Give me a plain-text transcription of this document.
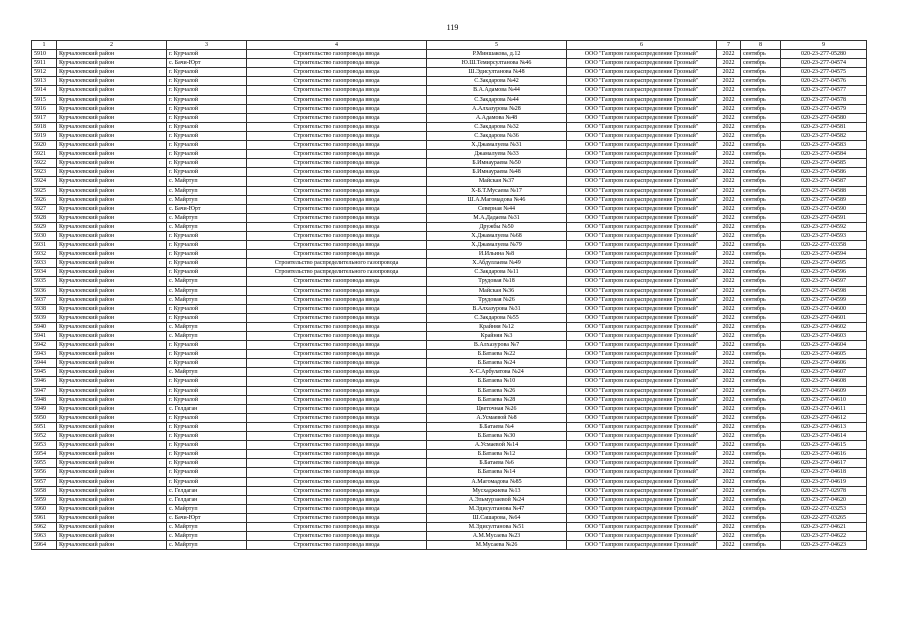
119
1	2	3	4	5	6	7	8	9
5910	Курчалоевский район	г. Курчалой	Строительство газопровода ввода	Р.Миншакова, д.12	ООО "Газпром газораспределение Грозный"	2022	сентябрь	020-23-277-05280
5911	Курчалоевский район	с. Бачи-Юрт	Строительство газопровода ввода	Ю.Ш.Темирсултанова №46	ООО "Газпром газораспределение Грозный"	2022	сентябрь	020-23-277-04574
5912	Курчалоевский район	г. Курчалой	Строительство газопровода ввода	Ш.Эдисултанова №48	ООО "Газпром газораспределение Грозный"	2022	сентябрь	020-23-277-04575
5913	Курчалоевский район	г. Курчалой	Строительство газопровода ввода	С.Закдарова №42	ООО "Газпром газораспределение Грозный"	2022	сентябрь	020-23-277-04576
5914	Курчалоевский район	г. Курчалой	Строительство газопровода ввода	В.А.Адамова №44	ООО "Газпром газораспределение Грозный"	2022	сентябрь	020-23-277-04577
5915	Курчалоевский район	г. Курчалой	Строительство газопровода ввода	С.Закдарова №44	ООО "Газпром газораспределение Грозный"	2022	сентябрь	020-23-277-04578
5916	Курчалоевский район	г. Курчалой	Строительство газопровода ввода	А.Алхазурова №28	ООО "Газпром газораспределение Грозный"	2022	сентябрь	020-23-277-04579
5917	Курчалоевский район	г. Курчалой	Строительство газопровода ввода	А.Адамова №48	ООО "Газпром газораспределение Грозный"	2022	сентябрь	020-23-277-04580
5918	Курчалоевский район	г. Курчалой	Строительство газопровода ввода	С.Закдарова №32	ООО "Газпром газораспределение Грозный"	2022	сентябрь	020-23-277-04581
5919	Курчалоевский район	г. Курчалой	Строительство газопровода ввода	С.Закдарова №36	ООО "Газпром газораспределение Грозный"	2022	сентябрь	020-23-277-04582
5920	Курчалоевский район	г. Курчалой	Строительство газопровода ввода	Х.Джамалуева №31	ООО "Газпром газораспределение Грозный"	2022	сентябрь	020-23-277-04583
5921	Курчалоевский район	г. Курчалой	Строительство газопровода ввода	Джамалуева №33	ООО "Газпром газораспределение Грозный"	2022	сентябрь	020-23-277-04584
5922	Курчалоевский район	г. Курчалой	Строительство газопровода ввода	Б.Имнаураева №50	ООО "Газпром газораспределение Грозный"	2022	сентябрь	020-23-277-04585
5923	Курчалоевский район	г. Курчалой	Строительство газопровода ввода	Б.Имнаураева №48	ООО "Газпром газораспределение Грозный"	2022	сентябрь	020-23-277-04586
5924	Курчалоевский район	с. Майртуп	Строительство газопровода ввода	Майская №37	ООО "Газпром газораспределение Грозный"	2022	сентябрь	020-23-277-04587
5925	Курчалоевский район	с. Майртуп	Строительство газопровода ввода	Х-Б.Т.Мусаева №17	ООО "Газпром газораспределение Грозный"	2022	сентябрь	020-23-277-04588
5926	Курчалоевский район	с. Майртуп	Строительство газопровода ввода	Ш.А.Магомадова №46	ООО "Газпром газораспределение Грозный"	2022	сентябрь	020-23-277-04589
5927	Курчалоевский район	с. Бачи-Юрт	Строительство газопровода ввода	Северная №44	ООО "Газпром газораспределение Грозный"	2022	сентябрь	020-23-277-04590
5928	Курчалоевский район	с. Майртуп	Строительство газопровода ввода	М.А.Дадаева №31	ООО "Газпром газораспределение Грозный"	2022	сентябрь	020-23-277-04591
5929	Курчалоевский район	с. Майртуп	Строительство газопровода ввода	Дружбы №50	ООО "Газпром газораспределение Грозный"	2022	сентябрь	020-23-277-04592
5930	Курчалоевский район	г. Курчалой	Строительство газопровода ввода	Х.Джамалуева №68	ООО "Газпром газораспределение Грозный"	2022	сентябрь	020-23-277-04593
5931	Курчалоевский район	г. Курчалой	Строительство газопровода ввода	Х.Джамалуева №79	ООО "Газпром газораспределение Грозный"	2022	сентябрь	020-22-277-03358
5932	Курчалоевский район	г. Курчалой	Строительство газопровода ввода	И.Ильина №8	ООО "Газпром газораспределение Грозный"	2022	сентябрь	020-23-277-04594
5933	Курчалоевский район	г. Курчалой	Строительство распределительного газопровода	Х.Абдуллаева №49	ООО "Газпром газораспределение Грозный"	2022	сентябрь	020-23-277-04595
5934	Курчалоевский район	г. Курчалой	Строительство распределительного газопровода	С.Закдарова №11	ООО "Газпром газораспределение Грозный"	2022	сентябрь	020-23-277-04596
5935	Курчалоевский район	с. Майртуп	Строительство газопровода ввода	Трудовая №18	ООО "Газпром газораспределение Грозный"	2022	сентябрь	020-23-277-04597
5936	Курчалоевский район	с. Майртуп	Строительство газопровода ввода	Майская №36	ООО "Газпром газораспределение Грозный"	2022	сентябрь	020-23-277-04598
5937	Курчалоевский район	с. Майртуп	Строительство газопровода ввода	Трудовая №26	ООО "Газпром газораспределение Грозный"	2022	сентябрь	020-23-277-04599
5938	Курчалоевский район	г. Курчалой	Строительство газопровода ввода	В.Алхазурова №31	ООО "Газпром газораспределение Грозный"	2022	сентябрь	020-23-277-04600
5939	Курчалоевский район	г. Курчалой	Строительство газопровода ввода	С.Закдарова №55	ООО "Газпром газораспределение Грозный"	2022	сентябрь	020-23-277-04601
5940	Курчалоевский район	с. Майртуп	Строительство газопровода ввода	Крайняя №12	ООО "Газпром газораспределение Грозный"	2022	сентябрь	020-23-277-04602
5941	Курчалоевский район	с. Майртуп	Строительство газопровода ввода	Крайняя №3	ООО "Газпром газораспределение Грозный"	2022	сентябрь	020-23-277-04603
5942	Курчалоевский район	г. Курчалой	Строительство газопровода ввода	В.Алхазурова №7	ООО "Газпром газораспределение Грозный"	2022	сентябрь	020-23-277-04604
5943	Курчалоевский район	г. Курчалой	Строительство газопровода ввода	Б.Батаева №22	ООО "Газпром газораспределение Грозный"	2022	сентябрь	020-23-277-04605
5944	Курчалоевский район	г. Курчалой	Строительство газопровода ввода	Б.Батаева №24	ООО "Газпром газораспределение Грозный"	2022	сентябрь	020-23-277-04606
5945	Курчалоевский район	с. Майртуп	Строительство газопровода ввода	Х-С.Арбулатова №24	ООО "Газпром газораспределение Грозный"	2022	сентябрь	020-23-277-04607
5946	Курчалоевский район	г. Курчалой	Строительство газопровода ввода	Б.Батаева №10	ООО "Газпром газораспределение Грозный"	2022	сентябрь	020-23-277-04608
5947	Курчалоевский район	г. Курчалой	Строительство газопровода ввода	Б.Батаева №26	ООО "Газпром газораспределение Грозный"	2022	сентябрь	020-23-277-04609
5948	Курчалоевский район	г. Курчалой	Строительство газопровода ввода	Б.Батаева №28	ООО "Газпром газораспределение Грозный"	2022	сентябрь	020-23-277-04610
5949	Курчалоевский район	с. Гелдаган	Строительство газопровода ввода	Цветочная №26	ООО "Газпром газораспределение Грозный"	2022	сентябрь	020-23-277-04611
5950	Курчалоевский район	г. Курчалой	Строительство газопровода ввода	А.Усмаевой №8	ООО "Газпром газораспределение Грозный"	2022	сентябрь	020-23-277-04612
5951	Курчалоевский район	г. Курчалой	Строительство газопровода ввода	Б.Батаева №4	ООО "Газпром газораспределение Грозный"	2022	сентябрь	020-23-277-04613
5952	Курчалоевский район	г. Курчалой	Строительство газопровода ввода	Б.Батаева №30	ООО "Газпром газораспределение Грозный"	2022	сентябрь	020-23-277-04614
5953	Курчалоевский район	г. Курчалой	Строительство газопровода ввода	А.Усмаевой №14	ООО "Газпром газораспределение Грозный"	2022	сентябрь	020-23-277-04615
5954	Курчалоевский район	г. Курчалой	Строительство газопровода ввода	Б.Батаева №12	ООО "Газпром газораспределение Грозный"	2022	сентябрь	020-23-277-04616
5955	Курчалоевский район	г. Курчалой	Строительство газопровода ввода	Б.Батаева №6	ООО "Газпром газораспределение Грозный"	2022	сентябрь	020-23-277-04617
5956	Курчалоевский район	г. Курчалой	Строительство газопровода ввода	Б.Батаева №14	ООО "Газпром газораспределение Грозный"	2022	сентябрь	020-23-277-04618
5957	Курчалоевский район	г. Курчалой	Строительство газопровода ввода	А.Магомадова №85	ООО "Газпром газораспределение Грозный"	2022	сентябрь	020-23-277-04619
5958	Курчалоевский район	с. Гелдаган	Строительство газопровода ввода	Мусхаджиева №13	ООО "Газпром газораспределение Грозный"	2022	сентябрь	020-23-277-02978
5959	Курчалоевский район	с. Гелдаган	Строительство газопровода ввода	А.Эльмурзаевой №24	ООО "Газпром газораспределение Грозный"	2022	сентябрь	020-23-277-04620
5960	Курчалоевский район	с. Майртуп	Строительство газопровода ввода	М.Эдисултанова №47	ООО "Газпром газораспределение Грозный"	2022	сентябрь	020-22-277-03253
5961	Курчалоевский район	с. Бачи-Юрт	Строительство газопровода ввода	Ш.Сашарова, №64	ООО "Газпром газораспределение Грозный"	2022	сентябрь	020-22-277-03265
5962	Курчалоевский район	с. Майртуп	Строительство газопровода ввода	М.Эдисултанова №51	ООО "Газпром газораспределение Грозный"	2022	сентябрь	020-23-277-04621
5963	Курчалоевский район	с. Майртуп	Строительство газопровода ввода	А.М.Мусаева №23	ООО "Газпром газораспределение Грозный"	2022	сентябрь	020-23-277-04622
5964	Курчалоевский район	с. Майртуп	Строительство газопровода ввода	М.Мусаева №26	ООО "Газпром газораспределение Грозный"	2022	сентябрь	020-23-277-04623
